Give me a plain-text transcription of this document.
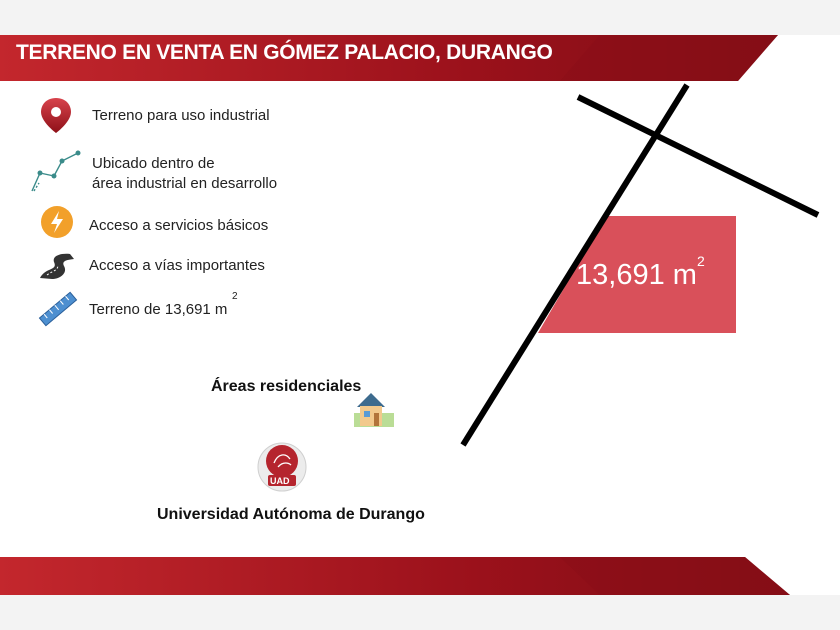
TERRENO EN VENTA EN GÓMEZ PALACIO, DURANGO
Terreno para uso industrial
Ubicado dentro de
área industrial en desarrollo
Acceso a servicios básicos
Acceso a vías importantes
Terreno de 13,691 m
2
13,691 m 2
Áreas residenciales
UAD
Universidad Autónoma de Durango
